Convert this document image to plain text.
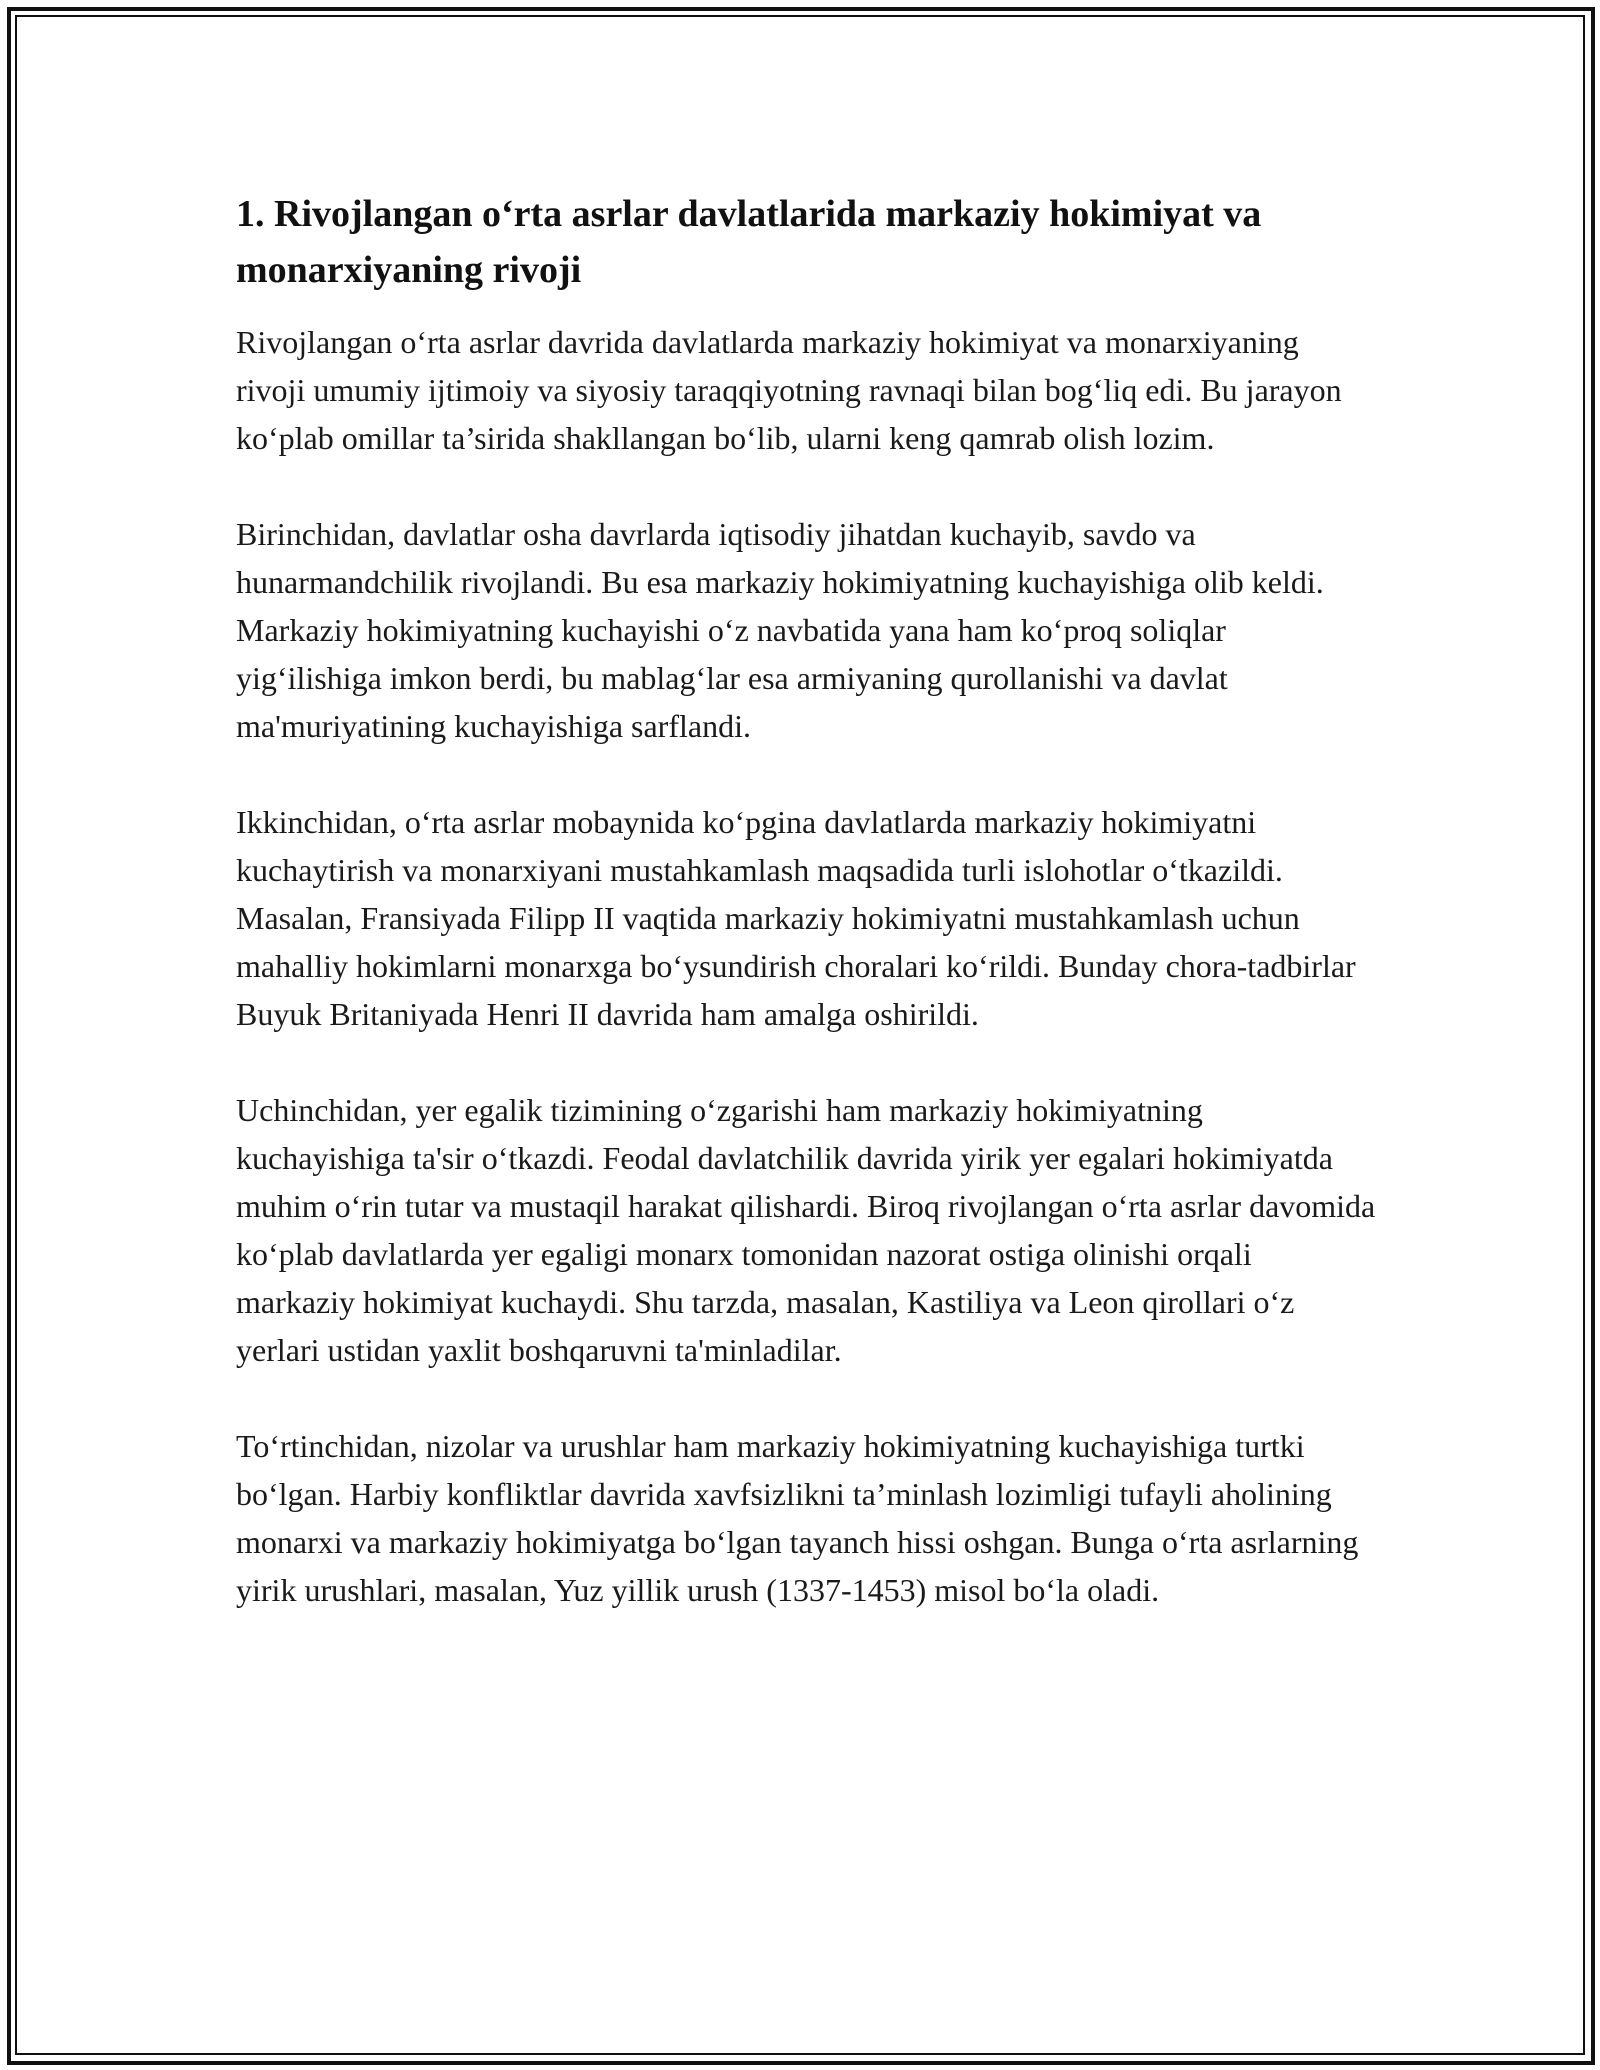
1. Rivojlangan o‘rta asrlar davlatlarida markaziy hokimiyat va monarxiyaning rivoji

Rivojlangan o‘rta asrlar davrida davlatlarda markaziy hokimiyat va monarxiyaning rivoji umumiy ijtimoiy va siyosiy taraqqiyotning ravnaqi bilan bog‘liq edi. Bu jarayon ko‘plab omillar ta’sirida shakllangan bo‘lib, ularni keng qamrab olish lozim.

Birinchidan, davlatlar osha davrlarda iqtisodiy jihatdan kuchayib, savdo va hunarmandchilik rivojlandi. Bu esa markaziy hokimiyatning kuchayishiga olib keldi. Markaziy hokimiyatning kuchayishi o‘z navbatida yana ham ko‘proq soliqlar yig‘ilishiga imkon berdi, bu mablag‘lar esa armiyaning qurollanishi va davlat ma'muriyatining kuchayishiga sarflandi.

Ikkinchidan, o‘rta asrlar mobaynida ko‘pgina davlatlarda markaziy hokimiyatni kuchaytirish va monarxiyani mustahkamlash maqsadida turli islohotlar o‘tkazildi. Masalan, Fransiyada Filipp II vaqtida markaziy hokimiyatni mustahkamlash uchun mahalliy hokimlarni monarxga bo‘ysundirish choralari ko‘rildi. Bunday chora-tadbirlar Buyuk Britaniyada Henri II davrida ham amalga oshirildi.

Uchinchidan, yer egalik tizimining o‘zgarishi ham markaziy hokimiyatning kuchayishiga ta'sir o‘tkazdi. Feodal davlatchilik davrida yirik yer egalari hokimiyatda muhim o‘rin tutar va mustaqil harakat qilishardi. Biroq rivojlangan o‘rta asrlar davomida ko‘plab davlatlarda yer egaligi monarx tomonidan nazorat ostiga olinishi orqali markaziy hokimiyat kuchaydi. Shu tarzda, masalan, Kastiliya va Leon qirollari o‘z yerlari ustidan yaxlit boshqaruvni ta'minladilar.

To‘rtinchidan, nizolar va urushlar ham markaziy hokimiyatning kuchayishiga turtki bo‘lgan. Harbiy konfliktlar davrida xavfsizlikni ta’minlash lozimligi tufayli aholining monarxi va markaziy hokimiyatga bo‘lgan tayanch hissi oshgan. Bunga o‘rta asrlarning yirik urushlari, masalan, Yuz yillik urush (1337-1453) misol bo‘la oladi.
